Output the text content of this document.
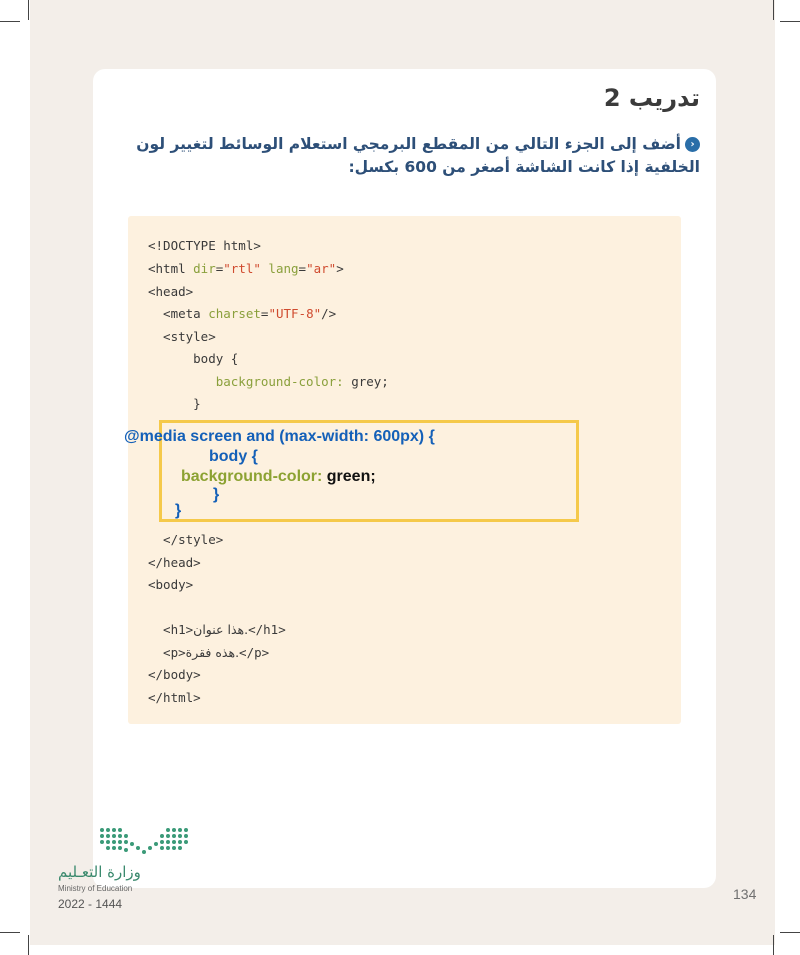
تدريب 2
‹أضف إلى الجزء التالي من المقطع البرمجي استعلام الوسائط لتغيير لون الخلفية إذا كانت الشاشة أصغر من 600 بكسل:
<!DOCTYPE html>
<html dir="rtl" lang="ar">
<head>
<meta charset="UTF-8"/>
<style>
body {
background-color: grey;
}
@media screen and (max-width: 600px) {
body {
background-color: green;
}
}
</style>
</head>
<body>
<h1>هذا عنوان.</h1>
<p>هذه فقرة.</p>
</body>
</html>
وزارة التعـليم
Ministry of Education
2022 - 1444
134
